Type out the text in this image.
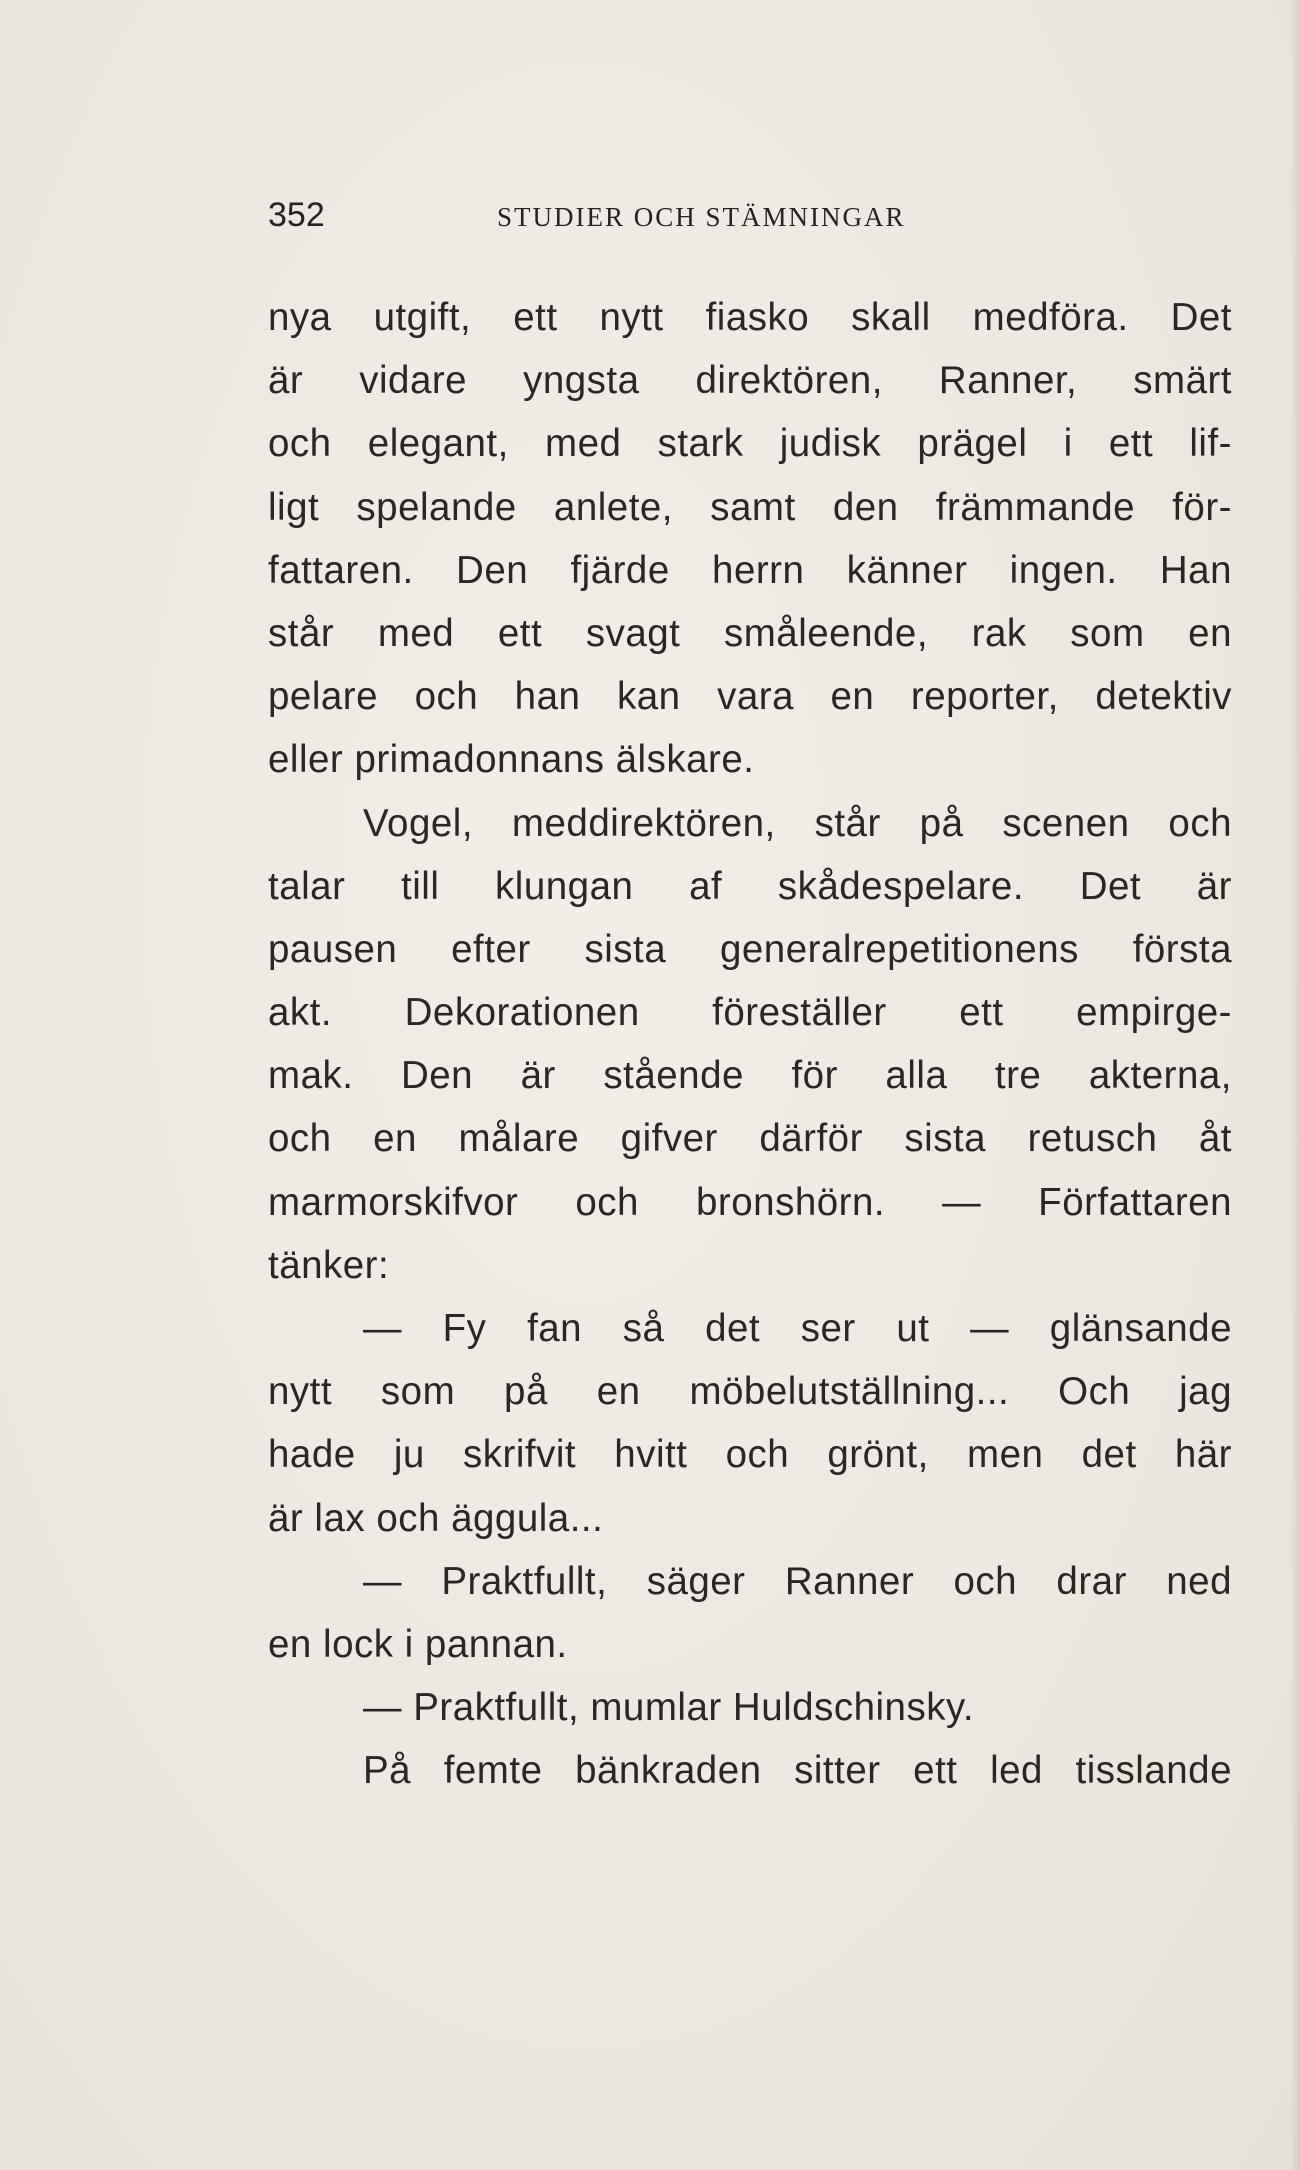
352	STUDIER OCH STÄMNINGAR
nya utgift, ett nytt fiasko skall medföra. Det
är vidare yngsta direktören, Ranner, smärt
och elegant, med stark judisk prägel i ett lif-
ligt spelande anlete, samt den främmande för-
fattaren. Den fjärde herrn känner ingen. Han
står med ett svagt småleende, rak som en
pelare och han kan vara en reporter, detektiv
eller primadonnans älskare.
Vogel, meddirektören, står på scenen och
talar till klungan af skådespelare. Det är
pausen efter sista generalrepetitionens första
akt. Dekorationen föreställer ett empirge-
mak. Den är stående för alla tre akterna,
och en målare gifver därför sista retusch åt
marmorskifvor och bronshörn. — Författaren
tänker:
— Fy fan så det ser ut — glänsande
nytt som på en möbelutställning... Och jag
hade ju skrifvit hvitt och grönt, men det här
är lax och äggula...
— Praktfullt, säger Ranner och drar ned
en lock i pannan.
— Praktfullt, mumlar Huldschinsky.
På femte bänkraden sitter ett led tisslande
